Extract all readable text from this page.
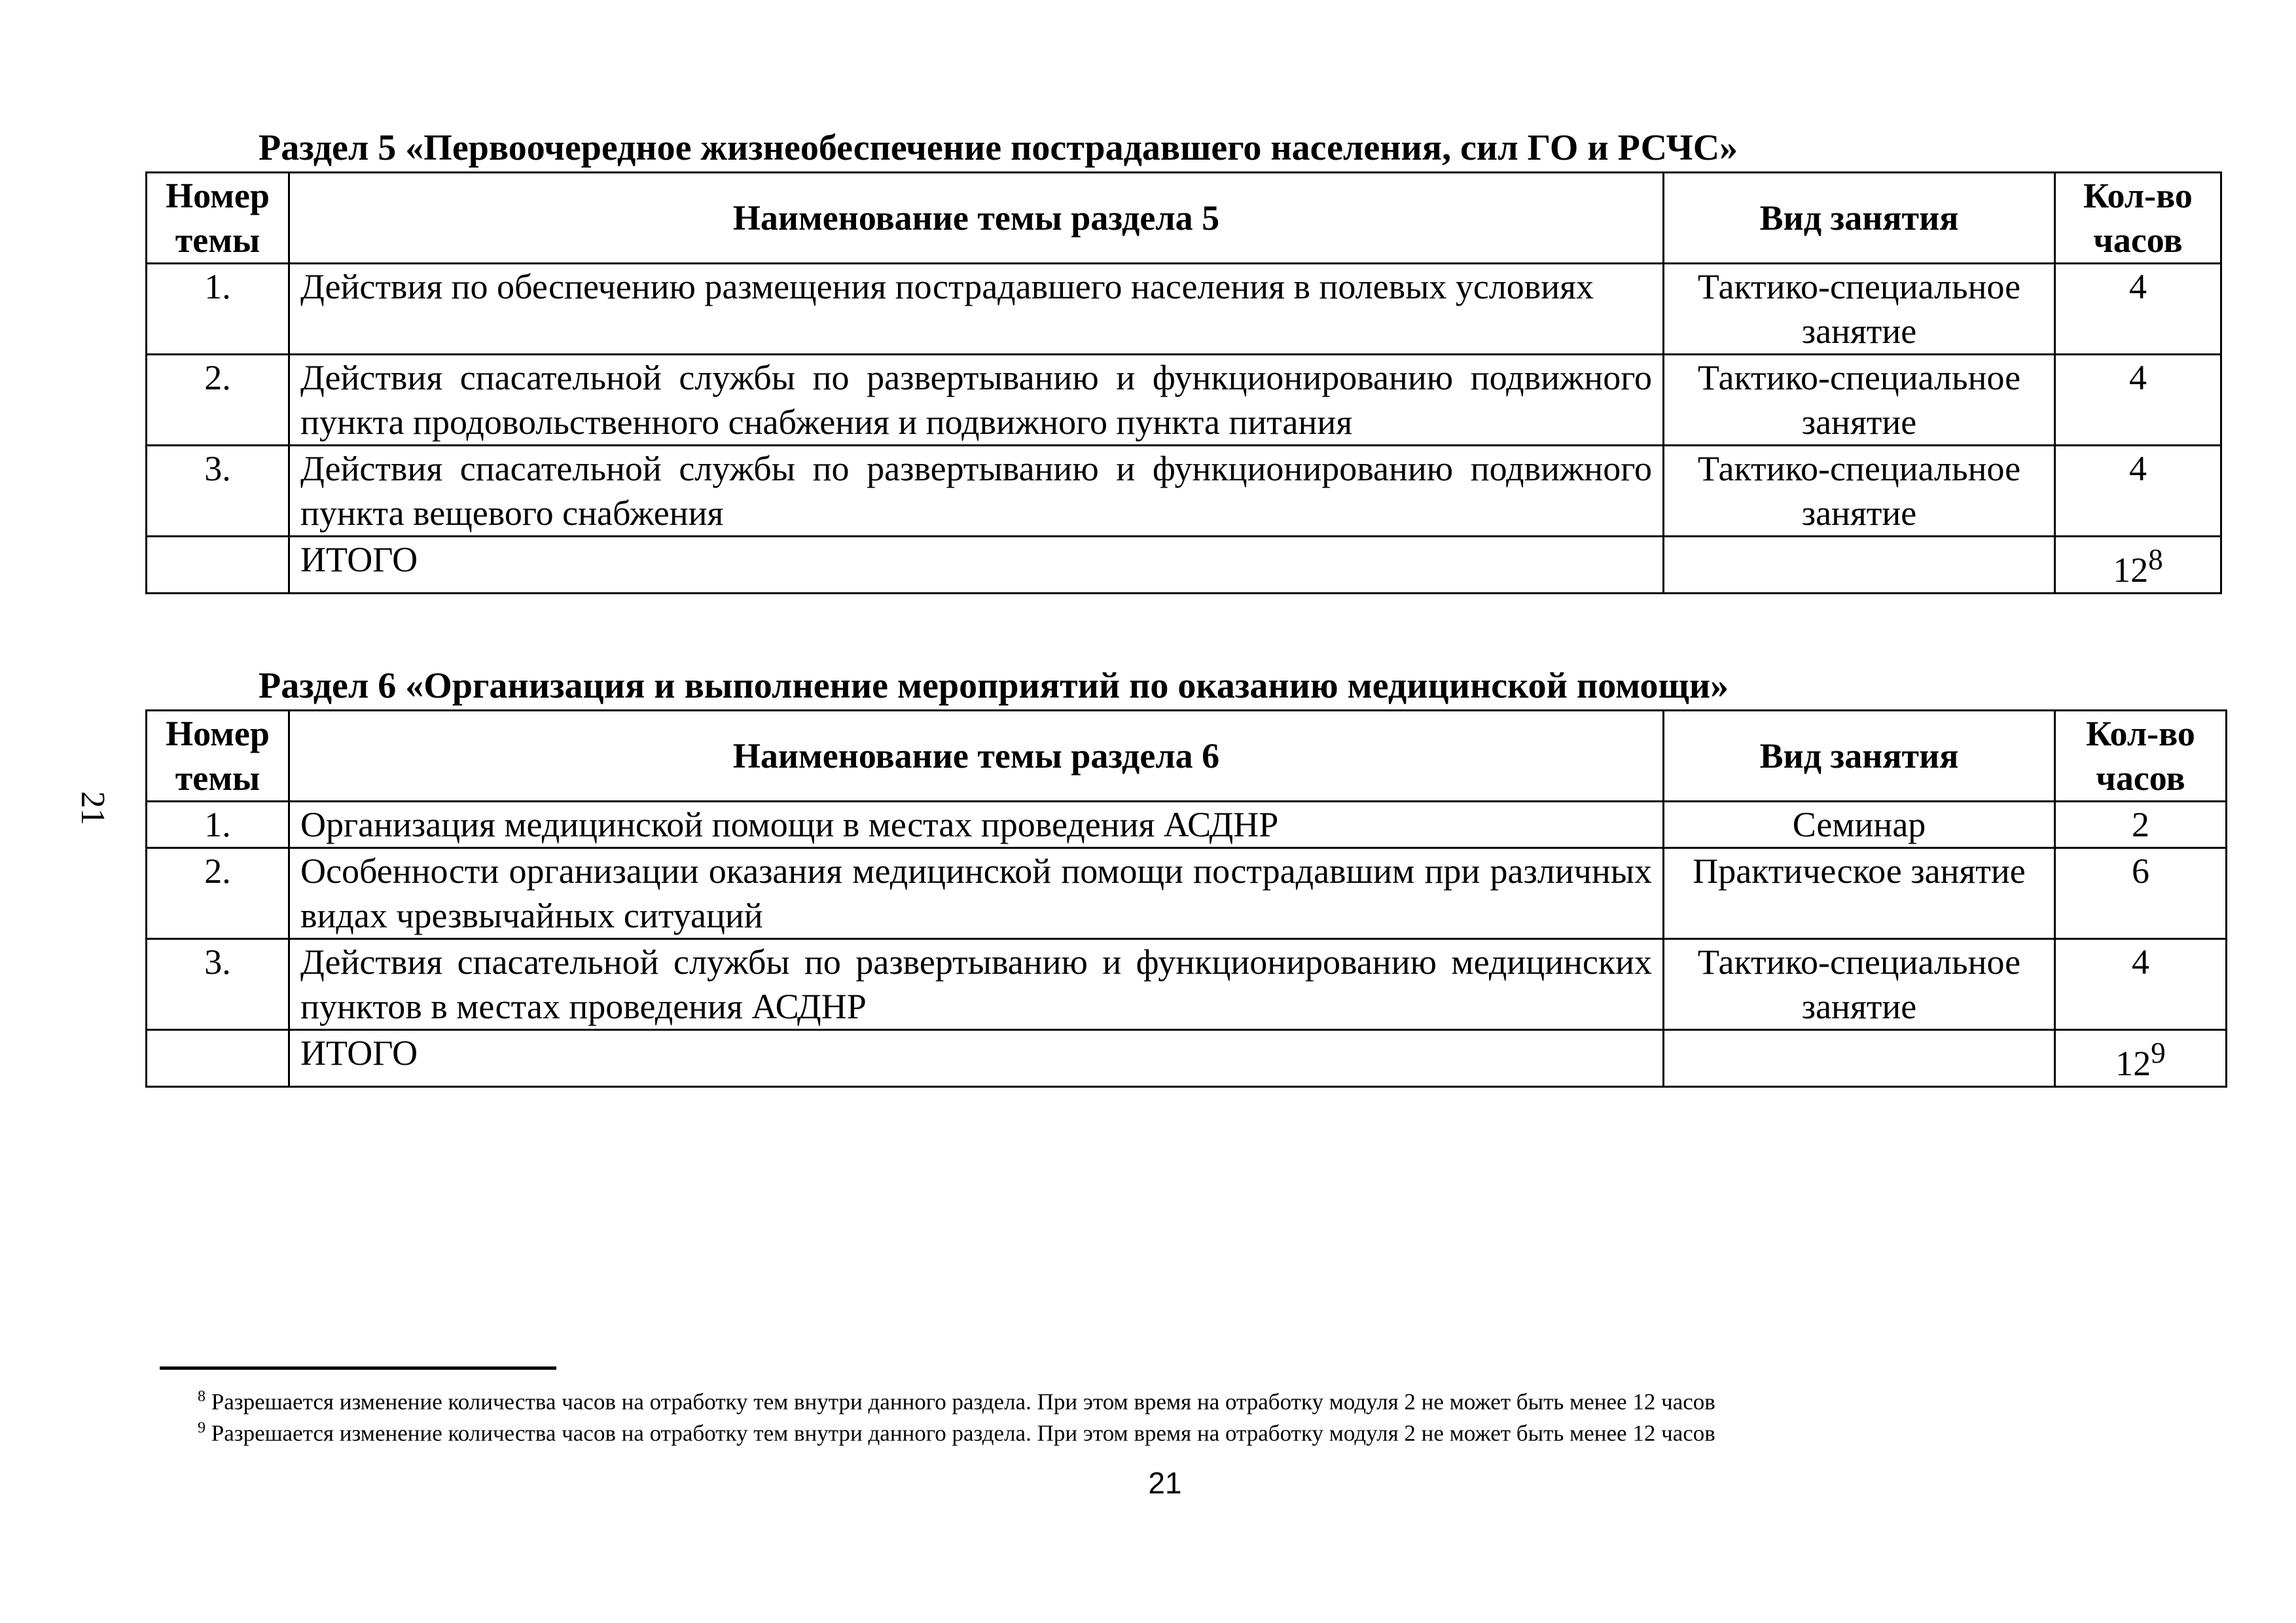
21
Раздел 5 «Первоочередное жизнеобеспечение пострадавшего населения, сил ГО и РСЧС»
Номер темы	Наименование темы раздела 5	Вид занятия	Кол-во часов
1.	Действия по обеспечению размещения пострадавшего населения в полевых условиях	Тактико-специальное занятие	4
2.	Действия спасательной службы по развертыванию и функционированию подвижного пункта продовольственного снабжения и подвижного пункта питания	Тактико-специальное занятие	4
3.	Действия спасательной службы по развертыванию и функционированию подвижного пункта вещевого снабжения	Тактико-специальное занятие	4
	ИТОГО		$12^8$
Раздел 6 «Организация и выполнение мероприятий по оказанию медицинской помощи»
Номер темы	Наименование темы раздела 6	Вид занятия	Кол-во часов
1.	Организация медицинской помощи в местах проведения АСДНР	Семинар	2
2.	Особенности организации оказания медицинской помощи пострадавшим при различных видах чрезвычайных ситуаций	Практическое занятие	6
3.	Действия спасательной службы по развертыванию и функционированию медицинских пунктов в местах проведения АСДНР	Тактико-специальное занятие	4
	ИТОГО		$12^9$
$^8$ Разрешается изменение количества часов на отработку тем внутри данного раздела. При этом время на отработку модуля 2 не может быть менее 12 часов
$^9$ Разрешается изменение количества часов на отработку тем внутри данного раздела. При этом время на отработку модуля 2 не может быть менее 12 часов
21
